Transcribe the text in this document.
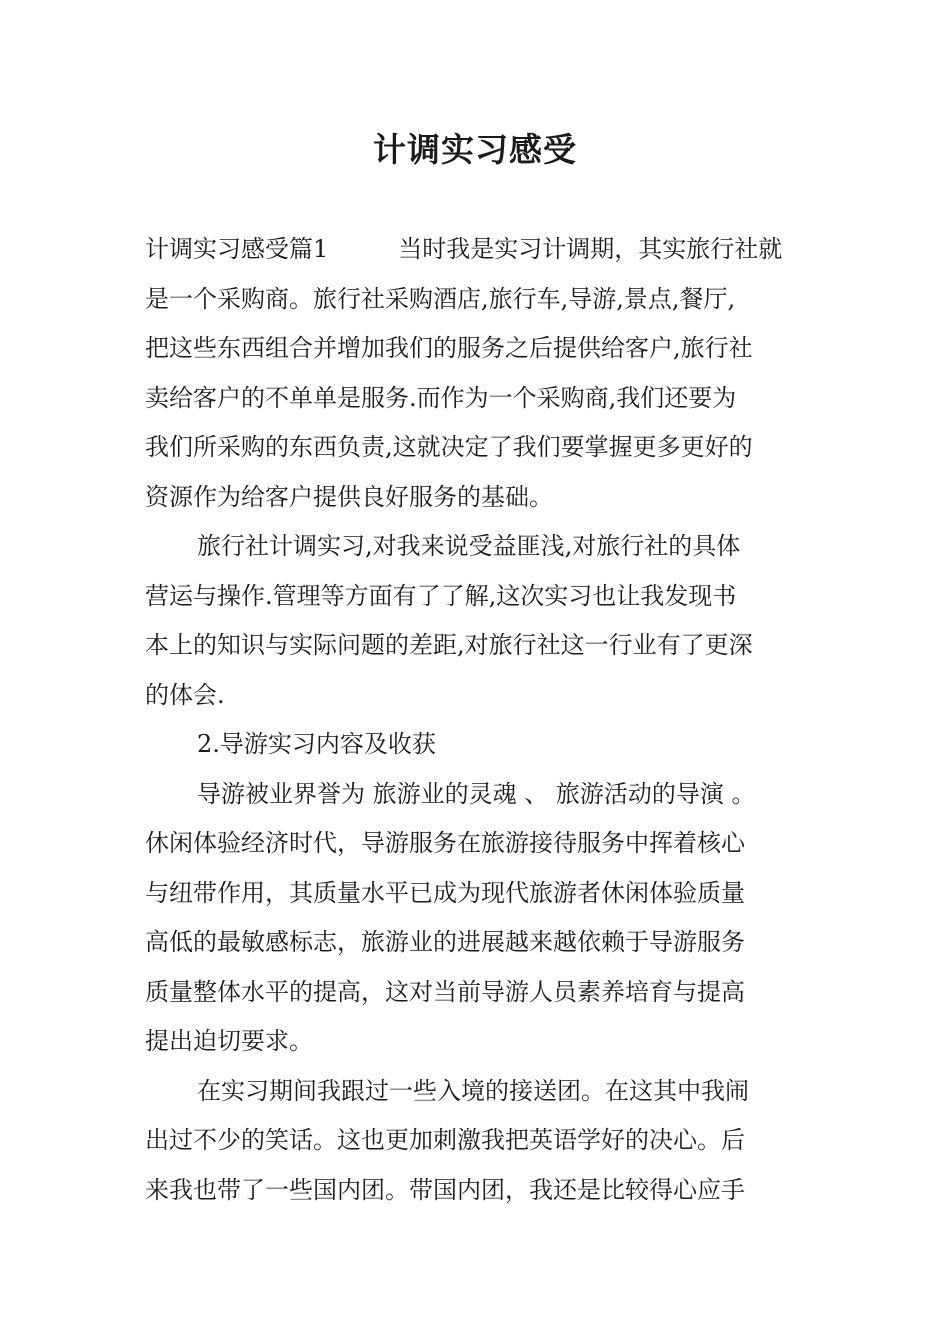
计调实习感受
计调实习感受篇1	当时我是实习计调期，其实旅行社就
是一个采购商。旅行社采购酒店,旅行车,导游,景点,餐厅,
把这些东西组合并增加我们的服务之后提供给客户,旅行社
卖给客户的不单单是服务.而作为一个采购商,我们还要为
我们所采购的东西负责,这就决定了我们要掌握更多更好的
资源作为给客户提供良好服务的基础。
旅行社计调实习,对我来说受益匪浅,对旅行社的具体
营运与操作.管理等方面有了了解,这次实习也让我发现书
本上的知识与实际问题的差距,对旅行社这一行业有了更深
的体会.
2.导游实习内容及收获
导游被业界誉为 旅游业的灵魂 、 旅游活动的导演 。
休闲体验经济时代，导游服务在旅游接待服务中挥着核心
与纽带作用，其质量水平已成为现代旅游者休闲体验质量
高低的最敏感标志，旅游业的进展越来越依赖于导游服务
质量整体水平的提高，这对当前导游人员素养培育与提高
提出迫切要求。
在实习期间我跟过一些入境的接送团。在这其中我闹
出过不少的笑话。这也更加刺激我把英语学好的决心。后
来我也带了一些国内团。带国内团，我还是比较得心应手
